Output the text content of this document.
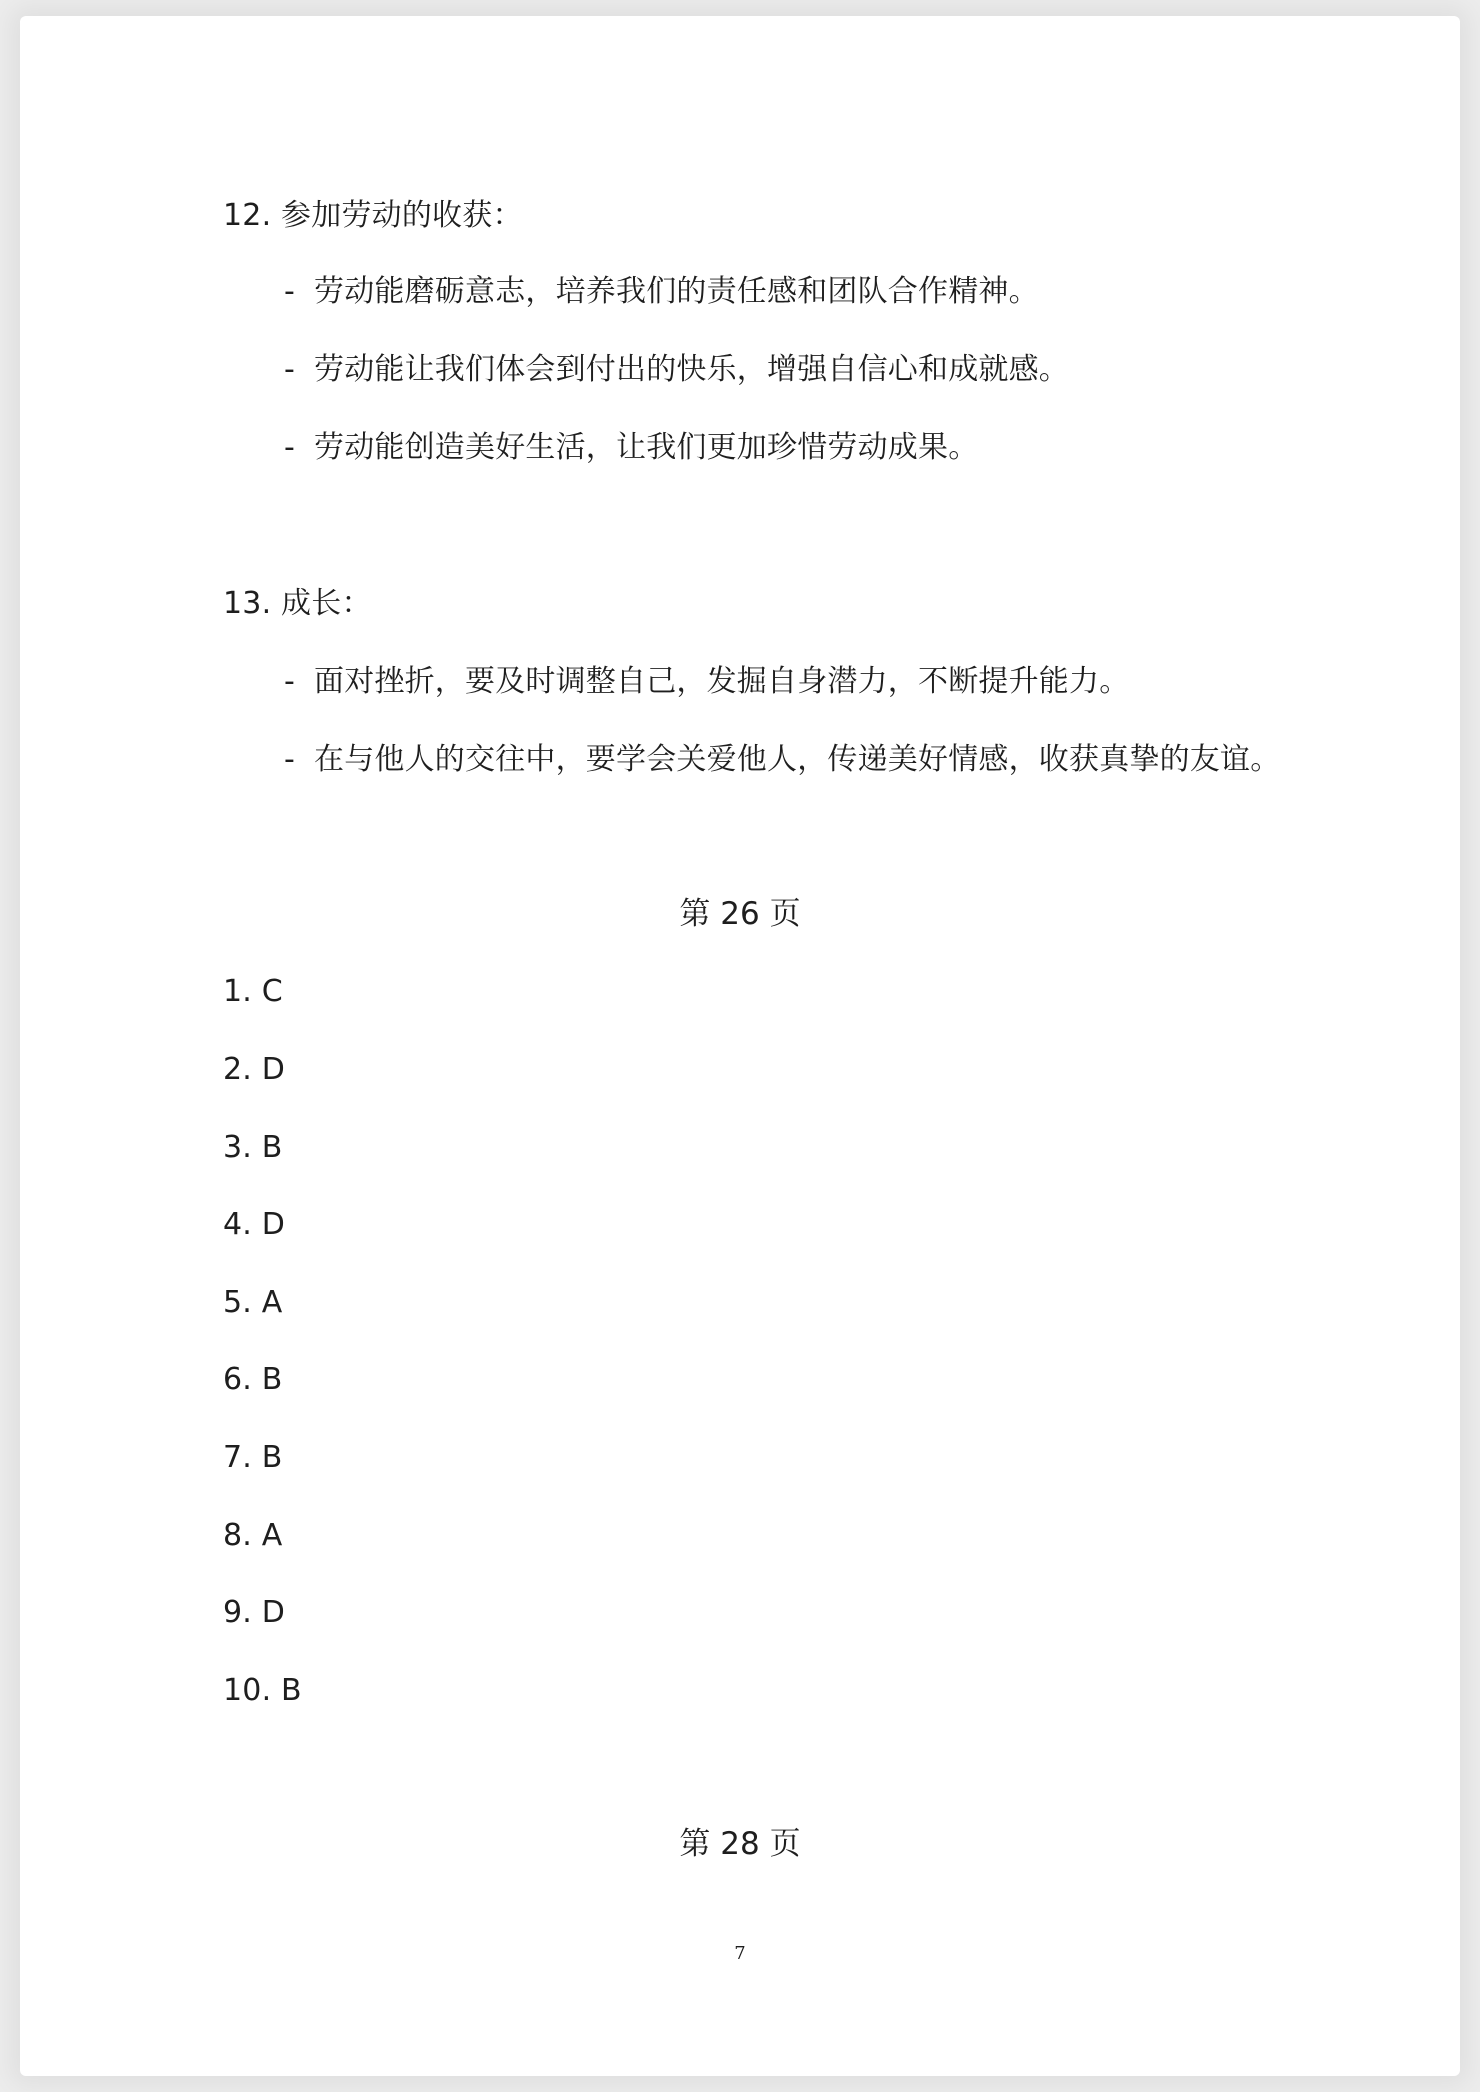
12. 参加劳动的收获：
- 劳动能磨砺意志，培养我们的责任感和团队合作精神。
- 劳动能让我们体会到付出的快乐，增强自信心和成就感。
- 劳动能创造美好生活，让我们更加珍惜劳动成果。
13. 成长：
- 面对挫折，要及时调整自己，发掘自身潜力，不断提升能力。
- 在与他人的交往中，要学会关爱他人，传递美好情感，收获真挚的友谊。
第 26 页
1. C
2. D
3. B
4. D
5. A
6. B
7. B
8. A
9. D
10. B
第 28 页
7
